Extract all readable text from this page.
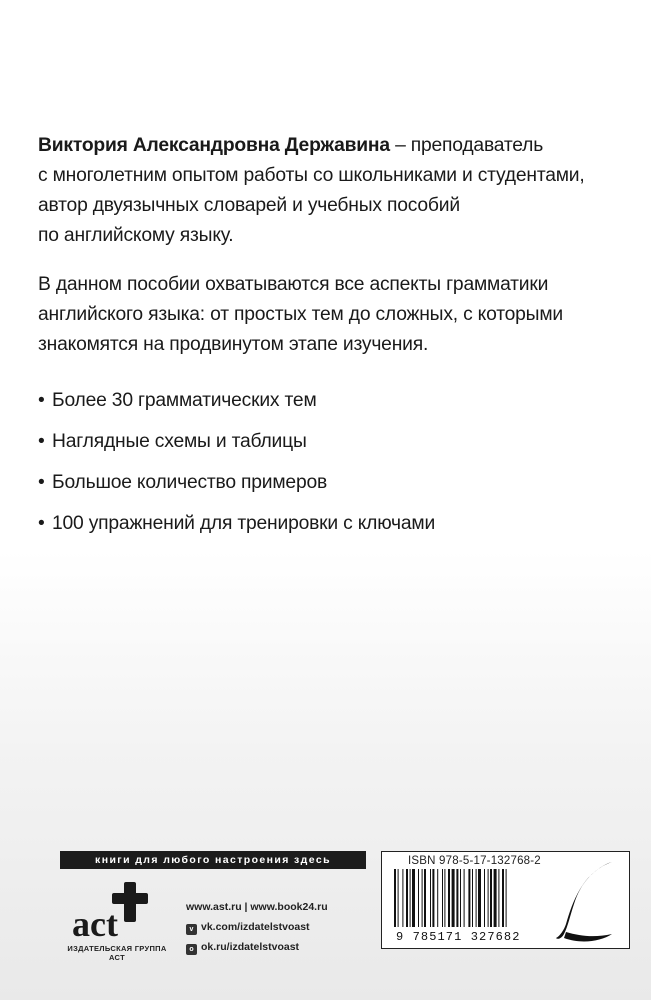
Виктория Александровна Державина – преподаватель

с многолетним опытом работы со школьниками и студентами,

автор двуязычных словарей и учебных пособий

по английскому языку.

В данном пособии охватываются все аспекты грамматики
английского языка: от простых тем до сложных, с которыми
знакомятся на продвинутом этапе изучения.
• Более 30 грамматических тем
• Наглядные схемы и таблицы
• Большое количество примеров
• 100 упражнений для тренировки с ключами
книги для любого настроения здесь
act
ИЗДАТЕЛЬСКАЯ ГРУППА АСТ
www.ast.ru | www.book24.ru
v vk.com/izdatelstvoast
o ok.ru/izdatelstvoast
ISBN 978-5-17-132768-2
9 785171 327682
